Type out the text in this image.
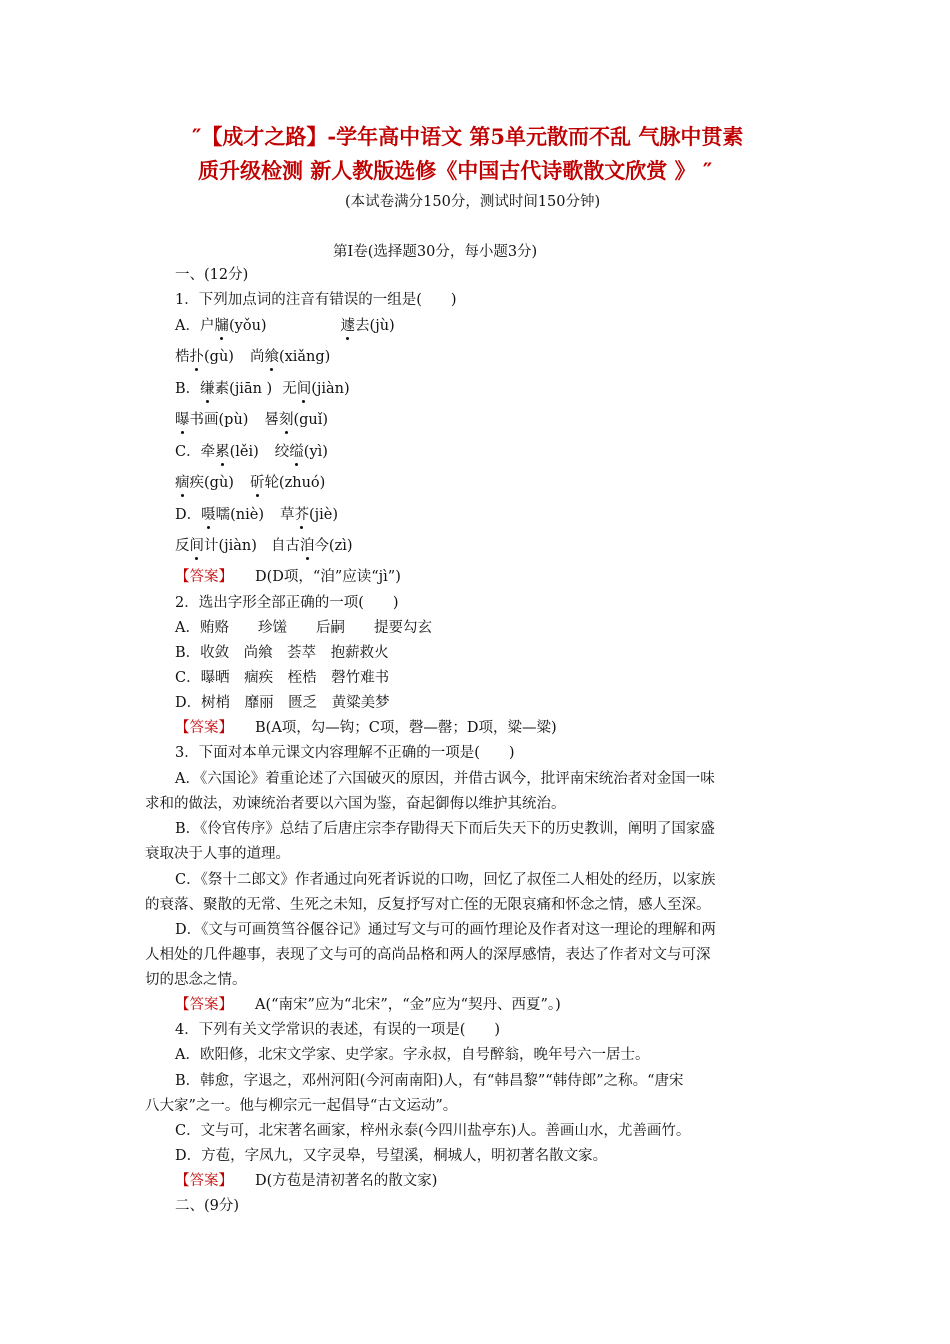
″【成才之路】-学年高中语文 第5单元散而不乱 气脉中贯素
质升级检测 新人教版选修《中国古代诗歌散文欣赏 》 ″
(本试卷满分150分，测试时间150分钟)
第Ⅰ卷(选择题30分，每小题3分)
一、(12分)
1．下列加点词的注音有错误的一组是(　　)
A．户牖(yǒu)	遽去(jù)
梏扑(gù) 尚飨(xiǎng)
B．缣素(jiān ) 无间(jiàn)
曝书画(pù) 晷刻(guǐ)
C．牵累(lěi) 绞缢(yì)
痼疾(gù) 斫轮(zhuó)
D．嗫嚅(niè) 草芥(jiè)
反间计(jiàn) 自古洎今(zì)
【答案】 D(D项，“洎”应读“jì”)
2．选出字形全部正确的一项(　　)
A．贿赂　　珍馐　　后嗣　　提要勾玄
B．收敛　尚飨　荟萃　抱薪救火
C．曝晒　痼疾　桎梏　磬竹难书
D．树梢　靡丽　匮乏　黄粱美梦
【答案】 B(A项，勾—钩；C项，磬—罄；D项，粱—粱)
3．下面对本单元课文内容理解不正确的一项是(　　)
A．《六国论》着重论述了六国破灭的原因，并借古讽今，批评南宋统治者对金国一味
求和的做法，劝谏统治者要以六国为鉴，奋起御侮以维护其统治。
B．《伶官传序》总结了后唐庄宗李存勖得天下而后失天下的历史教训，阐明了国家盛
衰取决于人事的道理。
C．《祭十二郎文》作者通过向死者诉说的口吻，回忆了叔侄二人相处的经历，以家族
的衰落、聚散的无常、生死之未知，反复抒写对亡侄的无限哀痛和怀念之情，感人至深。
D．《文与可画筼筜谷偃谷记》通过写文与可的画竹理论及作者对这一理论的理解和两
人相处的几件趣事，表现了文与可的高尚品格和两人的深厚感情，表达了作者对文与可深
切的思念之情。
【答案】 A(“南宋”应为“北宋”，“金”应为“契丹、西夏”。)
4．下列有关文学常识的表述，有误的一项是(　　)
A．欧阳修，北宋文学家、史学家。字永叔，自号醉翁，晚年号六一居士。
B．韩愈，字退之，邓州河阳(今河南南阳)人，有“韩昌黎”“韩侍郎”之称。“唐宋
八大家”之一。他与柳宗元一起倡导“古文运动”。
C．文与可，北宋著名画家，梓州永泰(今四川盐亭东)人。善画山水，尤善画竹。
D．方苞，字凤九，又字灵皋，号望溪，桐城人，明初著名散文家。
【答案】 D(方苞是清初著名的散文家)
二、(9分)
